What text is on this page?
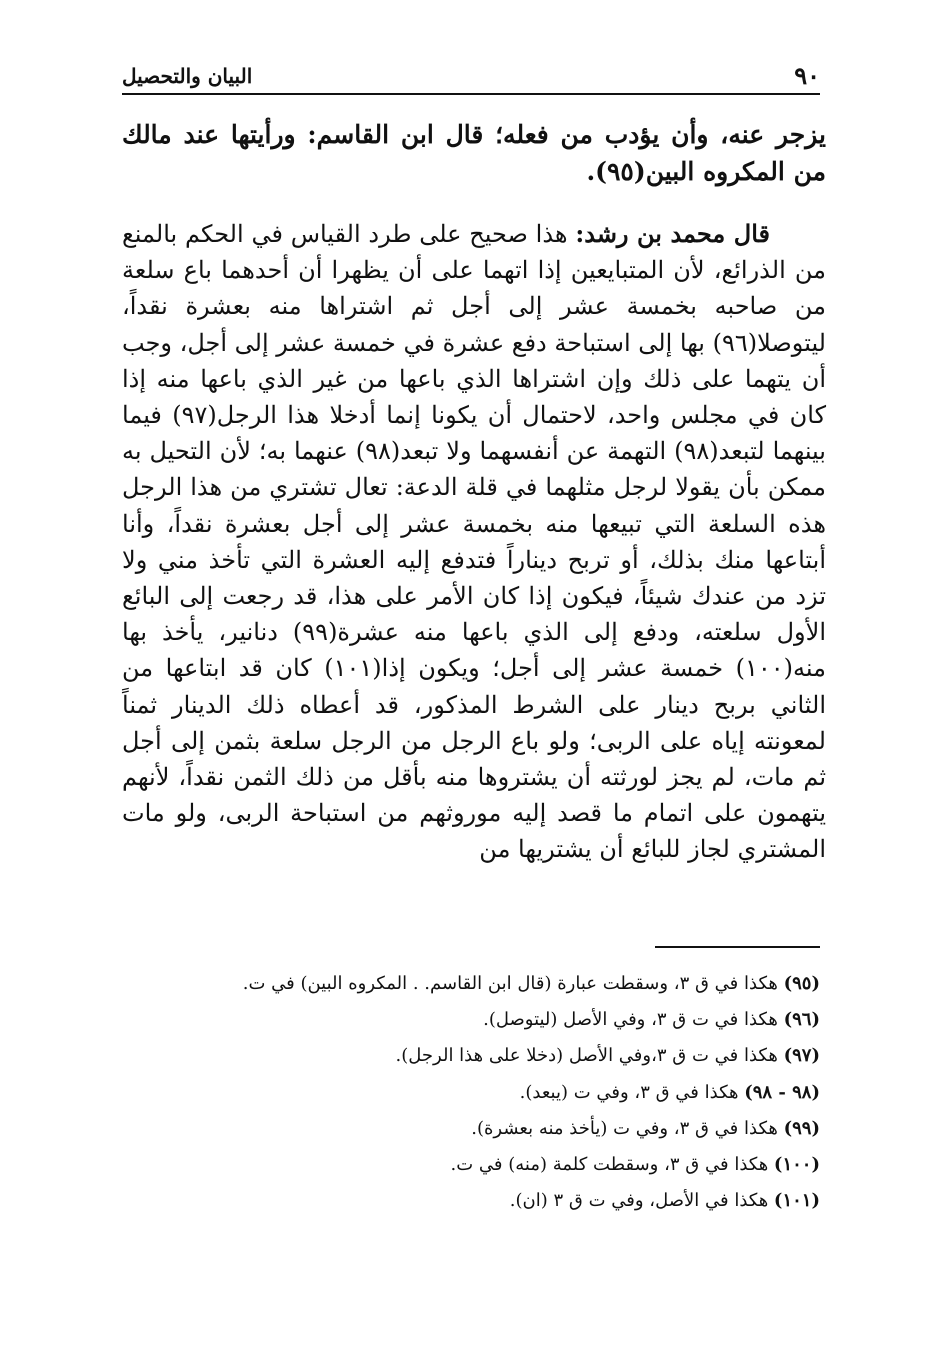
٩٠
البيان والتحصيل

يزجر عنه، وأن يؤدب من فعله؛ قال ابن القاسم: ورأيتها عند مالك من المكروه البين(٩٥).

قال محمد بن رشد: هذا صحيح على طرد القياس في الحكم بالمنع من الذرائع، لأن المتبايعين إذا اتهما على أن يظهرا أن أحدهما باع سلعة من صاحبه بخمسة عشر إلى أجل ثم اشتراها منه بعشرة نقداً، ليتوصلا(٩٦) بها إلى استباحة دفع عشرة في خمسة عشر إلى أجل، وجب أن يتهما على ذلك وإن اشتراها الذي باعها من غير الذي باعها منه إذا كان في مجلس واحد، لاحتمال أن يكونا إنما أدخلا هذا الرجل(٩٧) فيما بينهما لتبعد(٩٨) التهمة عن أنفسهما ولا تبعد(٩٨) عنهما به؛ لأن التحيل به ممكن بأن يقولا لرجل مثلهما في قلة الدعة: تعال تشتري من هذا الرجل هذه السلعة التي تبيعها منه بخمسة عشر إلى أجل بعشرة نقداً، وأنا أبتاعها منك بذلك، أو تربح ديناراً فتدفع إليه العشرة التي تأخذ مني ولا تزد من عندك شيئاً، فيكون إذا كان الأمر على هذا، قد رجعت إلى البائع الأول سلعته، ودفع إلى الذي باعها منه عشرة(٩٩) دنانير، يأخذ بها منه(١٠٠) خمسة عشر إلى أجل؛ ويكون إذا(١٠١) كان قد ابتاعها من الثاني بربح دينار على الشرط المذكور، قد أعطاه ذلك الدينار ثمناً لمعونته إياه على الربى؛ ولو باع الرجل من الرجل سلعة بثمن إلى أجل ثم مات، لم يجز لورثته أن يشتروها منه بأقل من ذلك الثمن نقداً، لأنهم يتهمون على اتمام ما قصد إليه موروثهم من استباحة الربى، ولو مات المشتري لجاز للبائع أن يشتريها من

(٩٥) هكذا في ق ٣، وسقطت عبارة (قال ابن القاسم. . المكروه البين) في ت.
(٩٦) هكذا في ت ق ٣، وفي الأصل (ليتوصل).
(٩٧) هكذا في ت ق ٣،وفي الأصل (دخلا على هذا الرجل).
(٩٨ - ٩٨) هكذا في ق ٣، وفي ت (يبعد).
(٩٩) هكذا في ق ٣، وفي ت (يأخذ منه بعشرة).
(١٠٠) هكذا في ق ٣، وسقطت كلمة (منه) في ت.
(١٠١) هكذا في الأصل، وفي ت ق ٣ (ان).
